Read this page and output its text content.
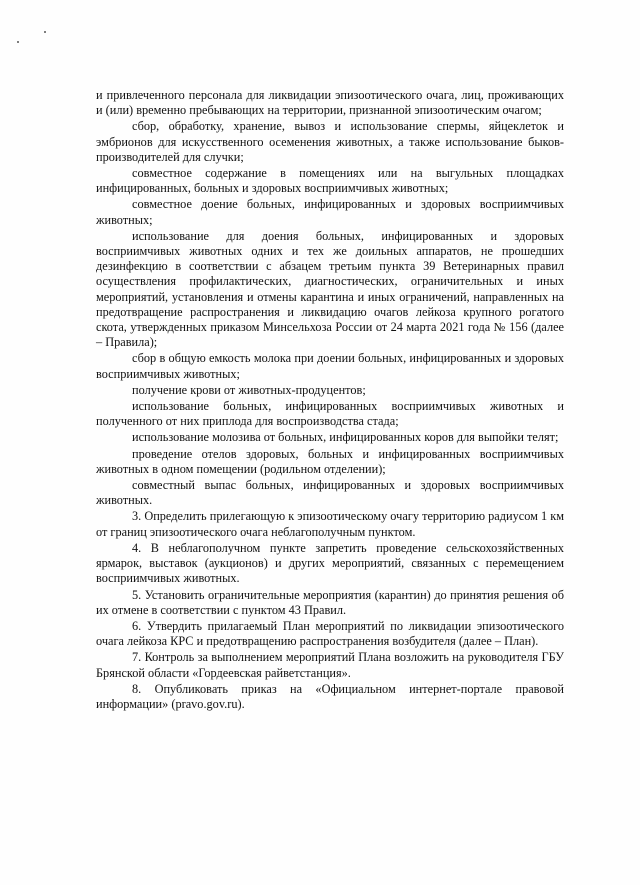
и привлеченного персонала для ликвидации эпизоотического очага, лиц, проживающих и (или) временно пребывающих на территории, признанной эпизоотическим очагом;

сбор, обработку, хранение, вывоз и использование спермы, яйцеклеток и эмбрионов для искусственного осеменения животных, а также использование быков-производителей для случки;

совместное содержание в помещениях или на выгульных площадках инфицированных, больных и здоровых восприимчивых животных;

совместное доение больных, инфицированных и здоровых восприимчивых животных;

использование для доения больных, инфицированных и здоровых восприимчивых животных одних и тех же доильных аппаратов, не прошедших дезинфекцию в соответствии с абзацем третьим пункта 39 Ветеринарных правил осуществления профилактических, диагностических, ограничительных и иных мероприятий, установления и отмены карантина и иных ограничений, направленных на предотвращение распространения и ликвидацию очагов лейкоза крупного рогатого скота, утвержденных приказом Минсельхоза России от 24 марта 2021 года № 156 (далее – Правила);

сбор в общую емкость молока при доении больных, инфицированных и здоровых восприимчивых животных;

получение крови от животных-продуцентов;

использование больных, инфицированных восприимчивых животных и полученного от них приплода для воспроизводства стада;

использование молозива от больных, инфицированных коров для выпойки телят;

проведение отелов здоровых, больных и инфицированных восприимчивых животных в одном помещении (родильном отделении);

совместный выпас больных, инфицированных и здоровых восприимчивых животных.

3. Определить прилегающую к эпизоотическому очагу территорию радиусом 1 км от границ эпизоотического очага неблагополучным пунктом.

4. В неблагополучном пункте запретить проведение сельскохозяйственных ярмарок, выставок (аукционов) и других мероприятий, связанных с перемещением восприимчивых животных.

5. Установить ограничительные мероприятия (карантин) до принятия решения об их отмене в соответствии с пунктом 43 Правил.

6. Утвердить прилагаемый План мероприятий по ликвидации эпизоотического очага лейкоза КРС и предотвращению распространения возбудителя (далее – План).

7. Контроль за выполнением мероприятий Плана возложить на руководителя ГБУ Брянской области «Гордеевская райветстанция».

8. Опубликовать приказ на «Официальном интернет-портале правовой информации» (pravo.gov.ru).
